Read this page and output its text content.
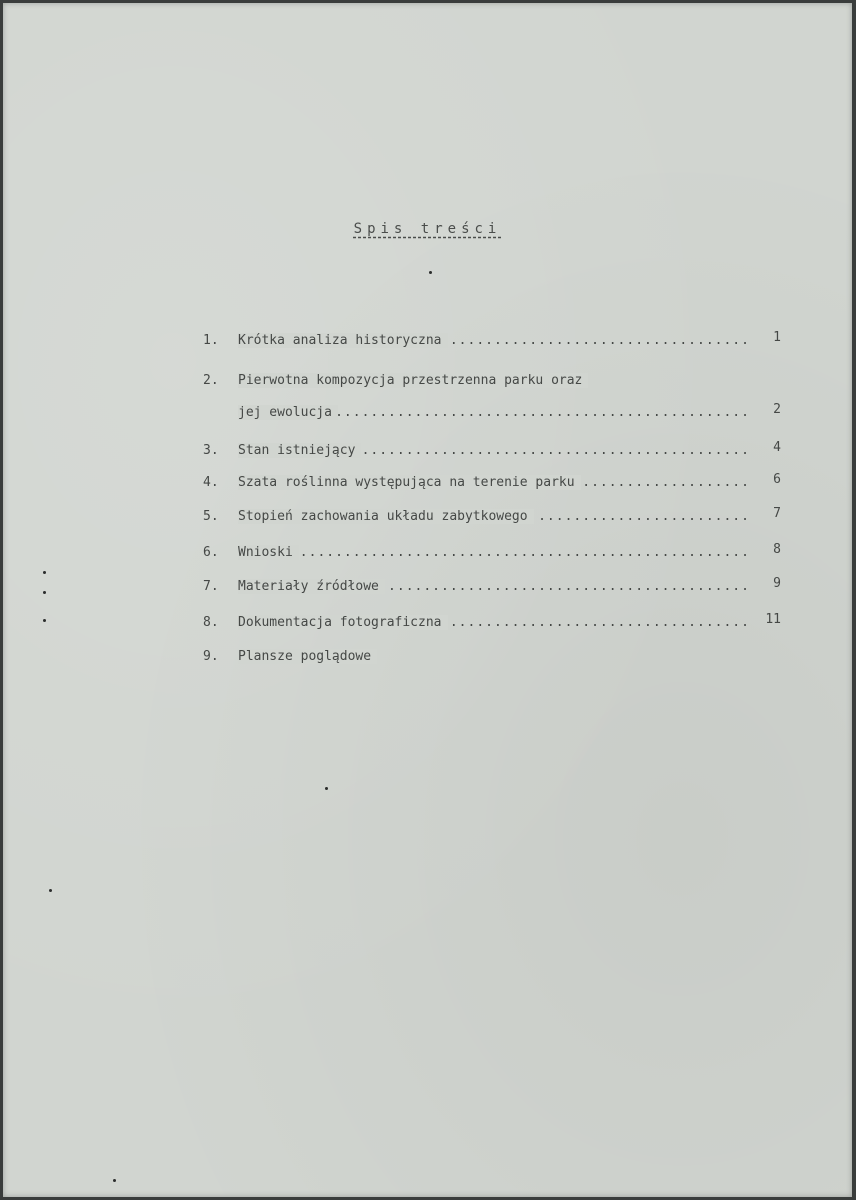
Spis treści
1.	Krótka analiza historyczna .....	1
2.	Pierwotna kompozycja przestrzenna parku oraz
jej ewolucja .....	2
3.	Stan istniejący .....	4
4.	Szata roślinna występująca na terenie parku .....	6
5.	Stopień zachowania układu zabytkowego .....	7
6.	Wnioski .....	8
7.	Materiały źródłowe .....	9
8.	Dokumentacja fotograficzna .....	11
9.	Plansze poglądowe
